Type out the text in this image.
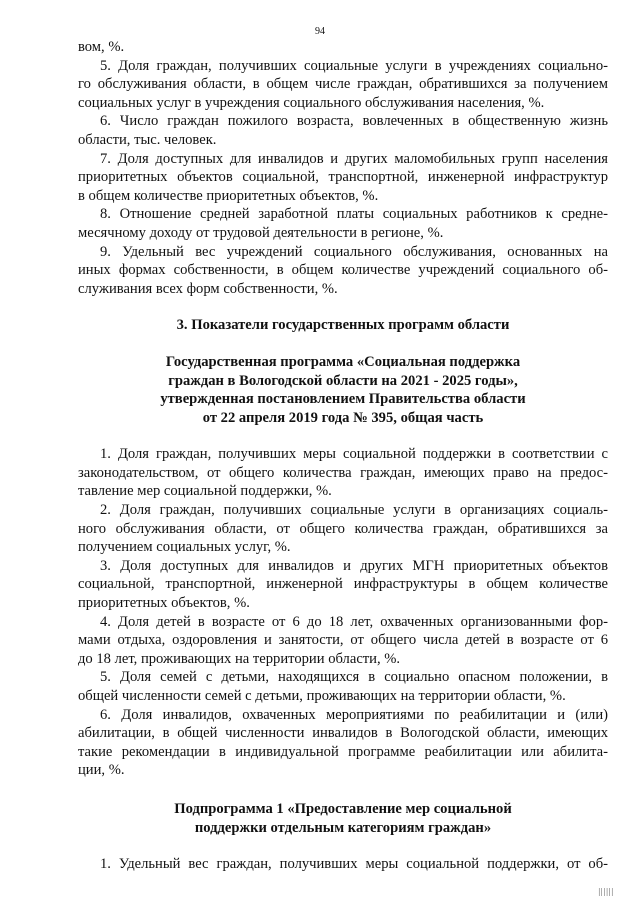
94
вом, %.
5. Доля граждан, получивших социальные услуги в учреждениях социально-
го обслуживания области, в общем числе граждан, обратившихся за получением
социальных услуг в учреждения социального обслуживания населения, %.
6. Число граждан пожилого возраста, вовлеченных в общественную жизнь
области, тыс. человек.
7. Доля доступных для инвалидов и других маломобильных групп населения
приоритетных объектов социальной, транспортной, инженерной инфраструктур
в общем количестве приоритетных объектов, %.
8. Отношение средней заработной платы социальных работников к средне-
месячному доходу от трудовой деятельности в регионе, %.
9. Удельный вес учреждений социального обслуживания, основанных на
иных формах собственности, в общем количестве учреждений социального об-
служивания всех форм собственности, %.
3. Показатели государственных программ области
Государственная программа «Социальная поддержка
граждан в Вологодской области на 2021 - 2025 годы»,
утвержденная постановлением Правительства области
от 22 апреля 2019 года № 395, общая часть
1. Доля граждан, получивших меры социальной поддержки в соответствии с
законодательством, от общего количества граждан, имеющих право на предос-
тавление мер социальной поддержки, %.
2. Доля граждан, получивших социальные услуги в организациях социаль-
ного обслуживания области, от общего количества граждан, обратившихся за
получением социальных услуг, %.
3. Доля доступных для инвалидов и других МГН приоритетных объектов
социальной, транспортной, инженерной инфраструктуры в общем количестве
приоритетных объектов, %.
4. Доля детей в возрасте от 6 до 18 лет, охваченных организованными фор-
мами отдыха, оздоровления и занятости, от общего числа детей в возрасте от 6
до 18 лет, проживающих на территории области, %.
5. Доля семей с детьми, находящихся в социально опасном положении, в
общей численности семей с детьми, проживающих на территории области, %.
6. Доля инвалидов, охваченных мероприятиями по реабилитации и (или)
абилитации, в общей численности инвалидов в Вологодской области, имеющих
такие рекомендации в индивидуальной программе реабилитации или абилита-
ции, %.
Подпрограмма 1 «Предоставление мер социальной
поддержки отдельным категориям граждан»
1. Удельный вес граждан, получивших меры социальной поддержки, от об-
||||||
